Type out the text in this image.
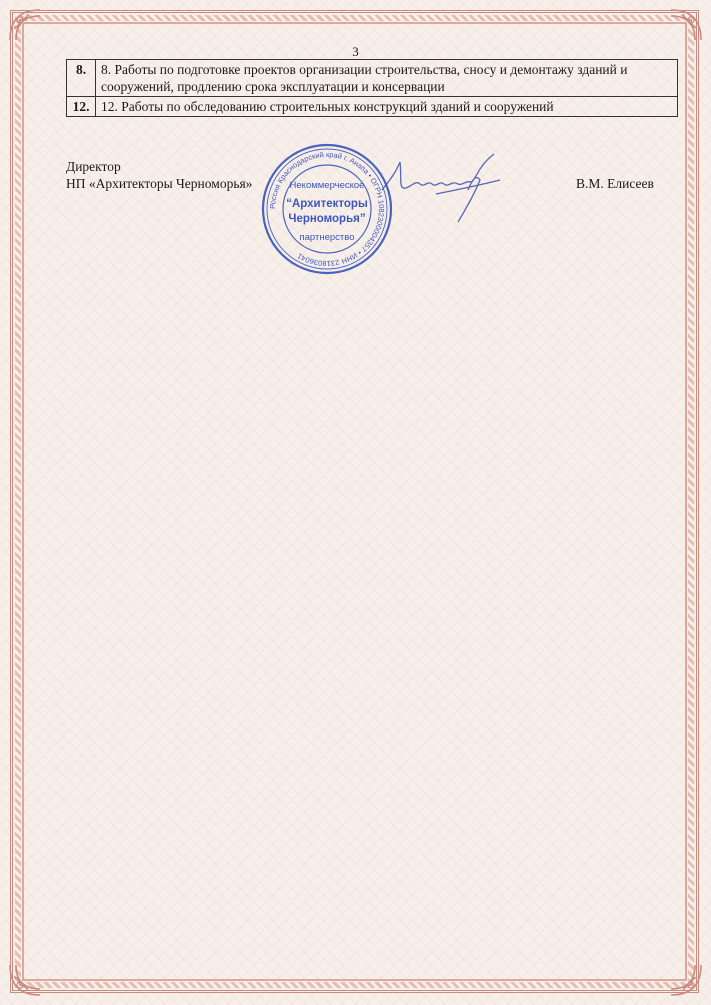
3
8.	8. Работы по подготовке проектов организации строительства, сносу и демонтажу зданий и сооружений, продлению срока эксплуатации и консервации
12.	12. Работы по обследованию строительных конструкций зданий и сооружений
Директор
НП «Архитекторы Черноморья»	В.М. Елисеев
Россия Краснодарский край г. Анапа • ОГРН 1082300004357 • ИНН 2318036041
Некоммерческое
“Архитекторы
Черноморья”
партнерство
